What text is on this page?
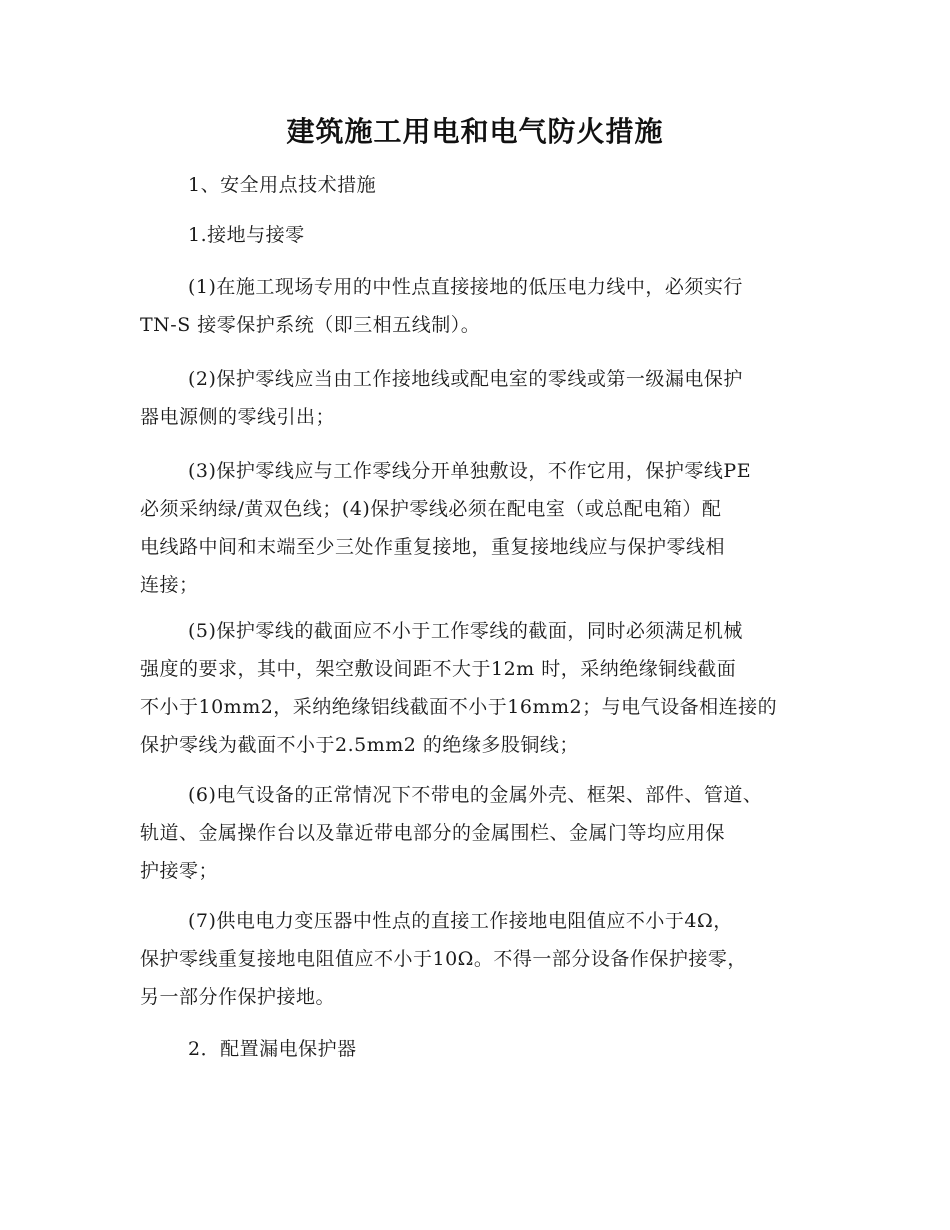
建筑施工用电和电气防火措施
1、安全用点技术措施
1.接地与接零
(1)在施工现场专用的中性点直接接地的低压电力线中，必须实行
TN-S 接零保护系统（即三相五线制）。
(2)保护零线应当由工作接地线或配电室的零线或第一级漏电保护
器电源侧的零线引出；
(3)保护零线应与工作零线分开单独敷设，不作它用，保护零线PE
必须采纳绿/黄双色线；(4)保护零线必须在配电室（或总配电箱）配
电线路中间和末端至少三处作重复接地，重复接地线应与保护零线相
连接；
(5)保护零线的截面应不小于工作零线的截面，同时必须满足机械
强度的要求，其中，架空敷设间距不大于12m 时，采纳绝缘铜线截面
不小于10mm2，采纳绝缘铝线截面不小于16mm2；与电气设备相连接的
保护零线为截面不小于2.5mm2 的绝缘多股铜线；
(6)电气设备的正常情况下不带电的金属外壳、框架、部件、管道、
轨道、金属操作台以及靠近带电部分的金属围栏、金属门等均应用保
护接零；
(7)供电电力变压器中性点的直接工作接地电阻值应不小于4Ω，
保护零线重复接地电阻值应不小于10Ω。不得一部分设备作保护接零，
另一部分作保护接地。
2．配置漏电保护器
